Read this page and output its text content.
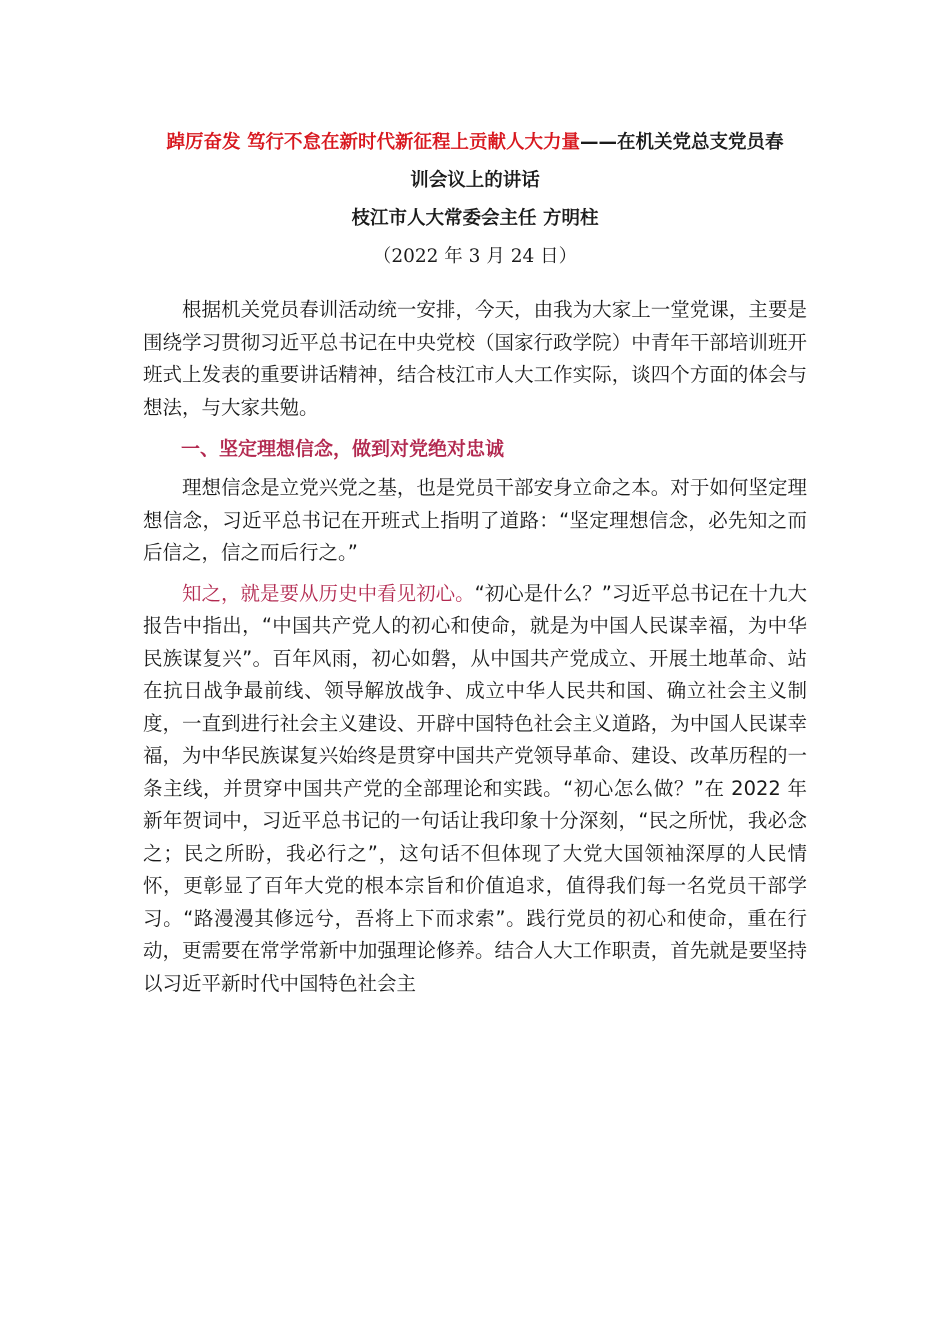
踔厉奋发 笃行不怠在新时代新征程上贡献人大力量——在机关党总支党员春
训会议上的讲话

枝江市人大常委会主任 方明柱

（2022 年 3 月 24 日）

根据机关党员春训活动统一安排，今天，由我为大家上一堂党课，主要是围绕学习贯彻习近平总书记在中央党校（国家行政学院）中青年干部培训班开班式上发表的重要讲话精神，结合枝江市人大工作实际，谈四个方面的体会与想法，与大家共勉。

一、坚定理想信念，做到对党绝对忠诚

理想信念是立党兴党之基，也是党员干部安身立命之本。对于如何坚定理想信念，习近平总书记在开班式上指明了道路：“坚定理想信念，必先知之而后信之，信之而后行之。”

知之，就是要从历史中看见初心。“初心是什么？”习近平总书记在十九大报告中指出，“中国共产党人的初心和使命，就是为中国人民谋幸福，为中华民族谋复兴”。百年风雨，初心如磐，从中国共产党成立、开展土地革命、站在抗日战争最前线、领导解放战争、成立中华人民共和国、确立社会主义制度，一直到进行社会主义建设、开辟中国特色社会主义道路，为中国人民谋幸福，为中华民族谋复兴始终是贯穿中国共产党领导革命、建设、改革历程的一条主线，并贯穿中国共产党的全部理论和实践。“初心怎么做？”在 2022 年新年贺词中，习近平总书记的一句话让我印象十分深刻，“民之所忧，我必念之；民之所盼，我必行之”，这句话不但体现了大党大国领袖深厚的人民情怀，更彰显了百年大党的根本宗旨和价值追求，值得我们每一名党员干部学习。“路漫漫其修远兮，吾将上下而求索”。践行党员的初心和使命，重在行动，更需要在常学常新中加强理论修养。结合人大工作职责，首先就是要坚持以习近平新时代中国特色社会主
